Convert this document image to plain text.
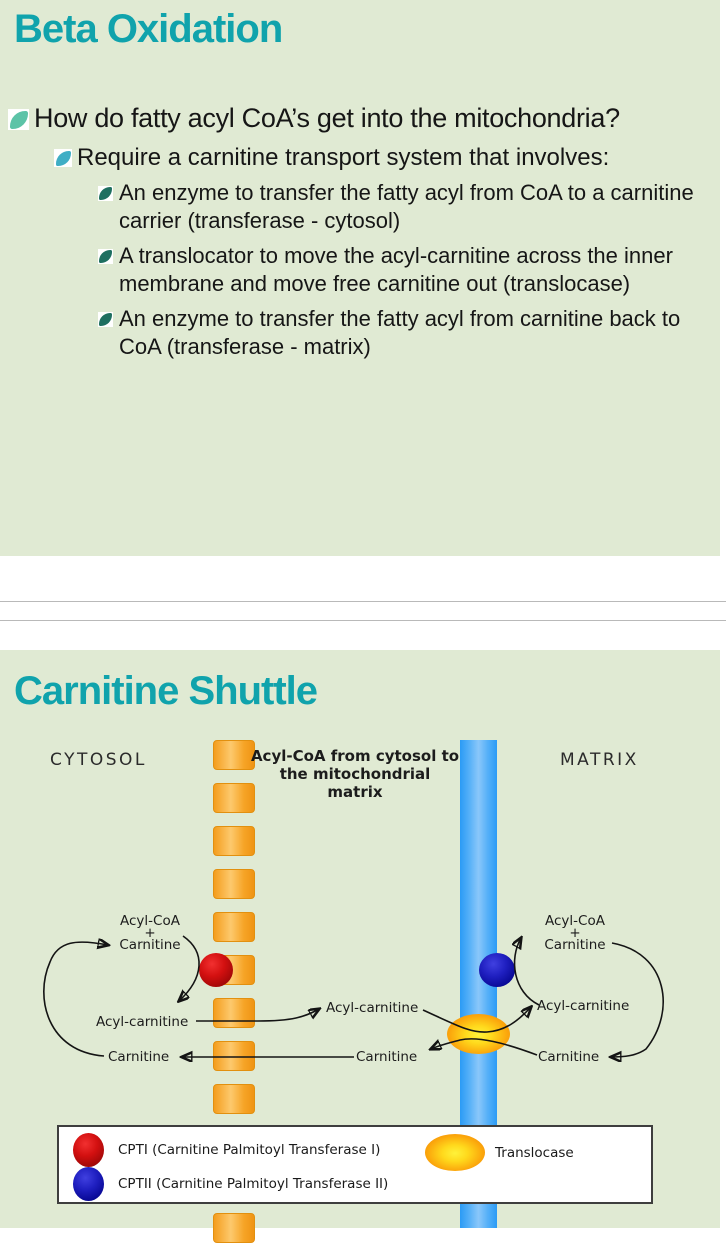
Beta Oxidation
How do fatty acyl CoA’s get into the mitochondria?
Require a carnitine transport system that involves:
An enzyme to transfer the fatty acyl from CoA to a carnitine carrier (transferase - cytosol)
A translocator to move the acyl-carnitine across the inner membrane and move free carnitine out (translocase)
An enzyme to transfer the fatty acyl from carnitine back to CoA (transferase - matrix)
Carnitine Shuttle
CYTOSOL	MATRIX
Acyl-CoA from cytosol to
the mitochondrial matrix
Acyl-CoA
+
Carnitine
Acyl-CoA
+
Carnitine
Acyl-carnitine
Carnitine
Acyl-carnitine
Carnitine
Acyl-carnitine
Carnitine
CPTI (Carnitine Palmitoyl Transferase I)
CPTII (Carnitine Palmitoyl Transferase II)
Translocase
